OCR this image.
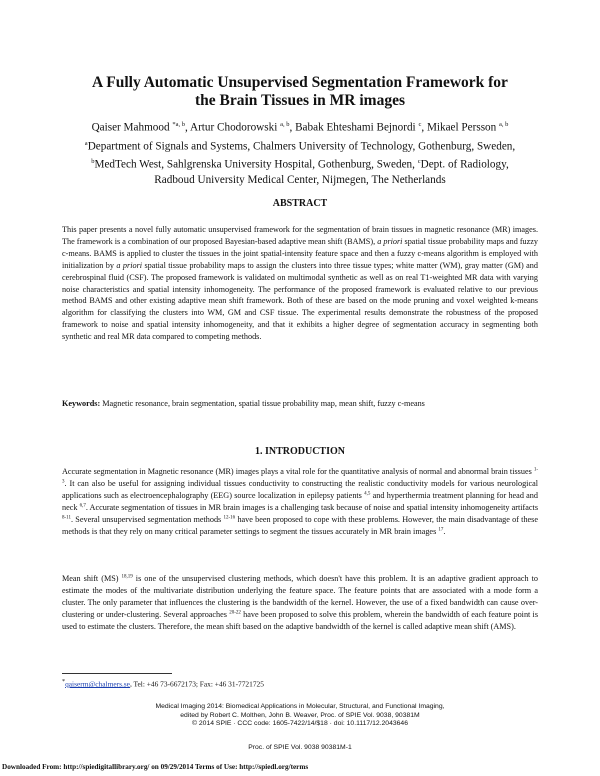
A Fully Automatic Unsupervised Segmentation Framework for
the Brain Tissues in MR images
Qaiser Mahmood $^{*a, b}$, Artur Chodorowski $^{a, b}$, Babak Ehteshami Bejnordi $^c$, Mikael Persson $^{a, b}$
$^a$Department of Signals and Systems, Chalmers University of Technology, Gothenburg, Sweden,
$^b$MedTech West, Sahlgrenska University Hospital, Gothenburg, Sweden, $^c$Dept. of Radiology,
Radboud University Medical Center, Nijmegen, The Netherlands
ABSTRACT

This paper presents a novel fully automatic unsupervised framework for the segmentation of brain tissues in magnetic resonance (MR) images. The framework is a combination of our proposed Bayesian-based adaptive mean shift (BAMS), a priori spatial tissue probability maps and fuzzy c-means. BAMS is applied to cluster the tissues in the joint spatial-intensity feature space and then a fuzzy c-means algorithm is employed with initialization by a priori spatial tissue probability maps to assign the clusters into three tissue types; white matter (WM), gray matter (GM) and cerebrospinal fluid (CSF). The proposed framework is validated on multimodal synthetic as well as on real T1-weighted MR data with varying noise characteristics and spatial intensity inhomogeneity. The performance of the proposed framework is evaluated relative to our previous method BAMS and other existing adaptive mean shift framework. Both of these are based on the mode pruning and voxel weighted k-means algorithm for classifying the clusters into WM, GM and CSF tissue. The experimental results demonstrate the robustness of the proposed framework to noise and spatial intensity inhomogeneity, and that it exhibits a higher degree of segmentation accuracy in segmenting both synthetic and real MR data compared to competing methods.

Keywords: Magnetic resonance, brain segmentation, spatial tissue probability map, mean shift, fuzzy c-means

1. INTRODUCTION

Accurate segmentation in Magnetic resonance (MR) images plays a vital role for the quantitative analysis of normal and abnormal brain tissues $^{1-3}$. It can also be useful for assigning individual tissues conductivity to constructing the realistic conductivity models for various neurological applications such as electroencephalography (EEG) source localization in epilepsy patients $^{4,5}$ and hyperthermia treatment planning for head and neck $^{6,7}$. Accurate segmentation of tissues in MR brain images is a challenging task because of noise and spatial intensity inhomogeneity artifacts $^{8-11}$. Several unsupervised segmentation methods $^{12-16}$ have been proposed to cope with these problems. However, the main disadvantage of these methods is that they rely on many critical parameter settings to segment the tissues accurately in MR brain images $^{17}$.

Mean shift (MS) $^{18,19}$ is one of the unsupervised clustering methods, which doesn't have this problem. It is an adaptive gradient approach to estimate the modes of the multivariate distribution underlying the feature space. The feature points that are associated with a mode form a cluster. The only parameter that influences the clustering is the bandwidth of the kernel. However, the use of a fixed bandwidth can cause over-clustering or under-clustering. Several approaches $^{20-22}$ have been proposed to solve this problem, wherein the bandwidth of each feature point is used to estimate the clusters. Therefore, the mean shift based on the adaptive bandwidth of the kernel is called adaptive mean shift (AMS).

*qaiserm@chalmers.se, Tel: +46 73-6672173; Fax: +46 31-7721725
Medical Imaging 2014: Biomedical Applications in Molecular, Structural, and Functional Imaging,
edited by Robert C. Molthen, John B. Weaver, Proc. of SPIE Vol. 9038, 90381M
© 2014 SPIE · CCC code: 1605-7422/14/$18 · doi: 10.1117/12.2043646
Proc. of SPIE Vol. 9038 90381M-1
Downloaded From: http://spiedigitallibrary.org/ on 09/29/2014 Terms of Use: http://spiedl.org/terms
